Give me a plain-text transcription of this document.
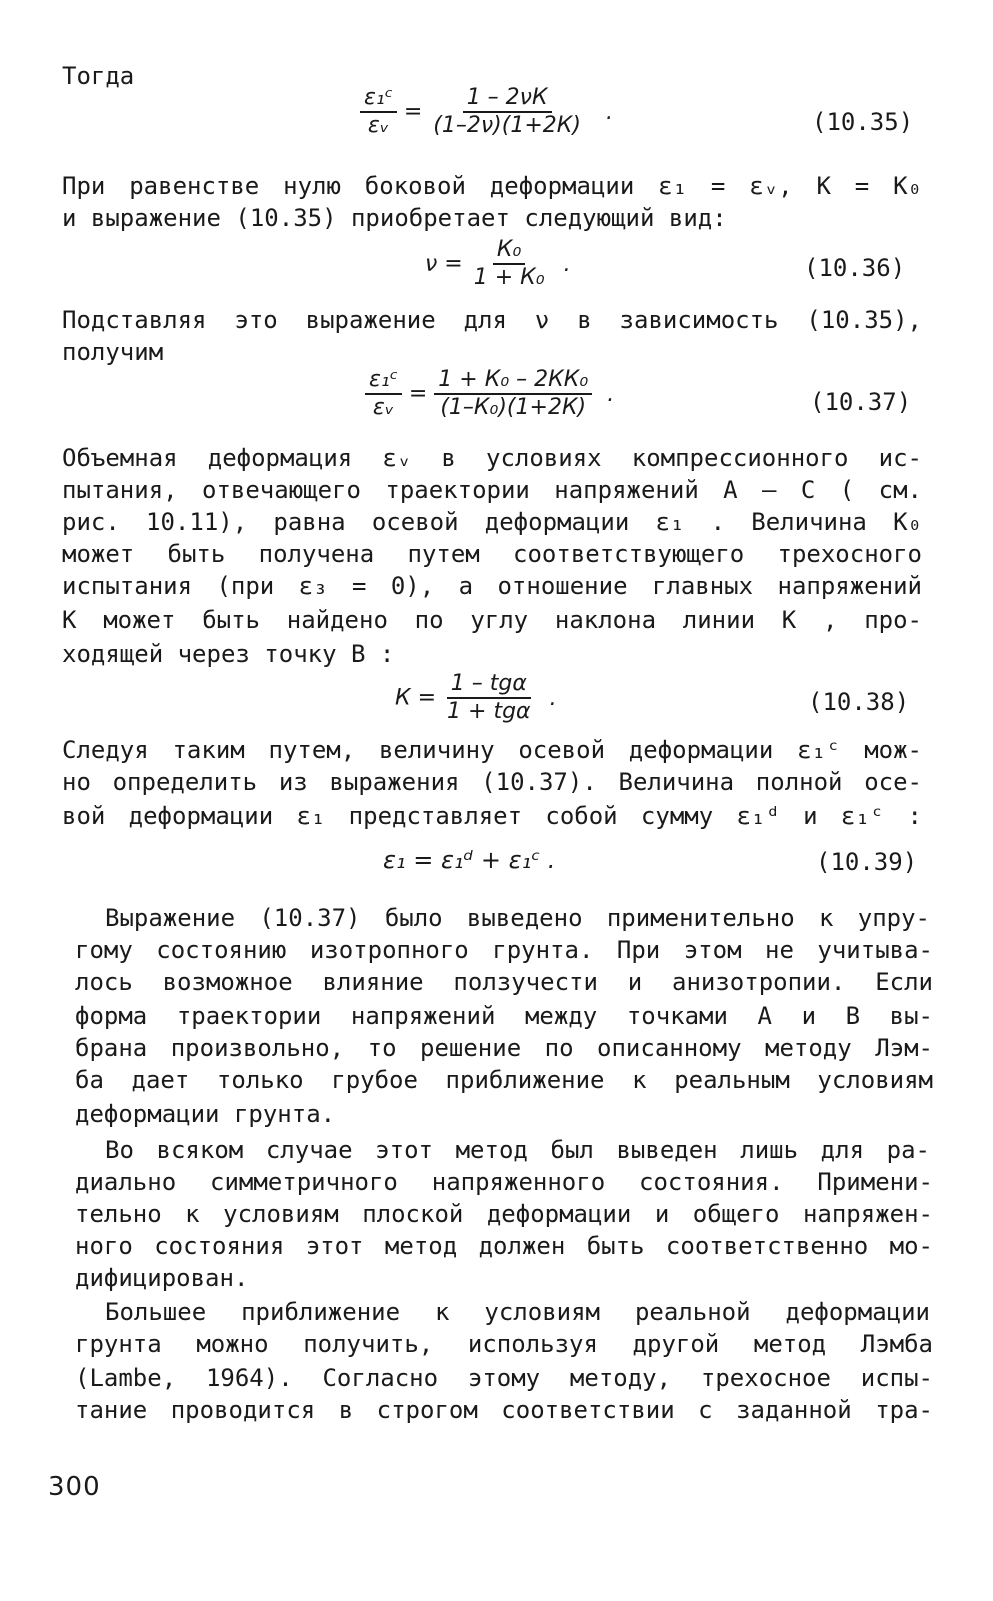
Тогда
$\frac{\text{ε₁ᶜ}}{\text{εᵥ}} = \frac{1 - 2\nu К}{(1-2\nu)(1+2К)}$ .	(10.35)
При равенстве нулю боковой деформации ε₁ = εᵥ, К = К₀
и выражение (10.35) приобретает следующий вид:
$\nu = \frac{\text{К₀}}{\text{1 + К₀}}$ .	(10.36)
Подставляя это выражение для ν в зависимость (10.35),
получим
$\frac{\text{ε₁ᶜ}}{\text{εᵥ}} = \frac{\text{1 + К₀ – 2КК₀}}{\text{(1–К₀)(1+2К)}}$ .	(10.37)
Объемная деформация εᵥ в условиях компрессионного ис-
пытания, отвечающего траектории напряжений А – С ( см.
рис. 10.11), равна осевой деформации ε₁ . Величина К₀
может быть получена путем соответствующего трехосного
испытания (при ε₃ = 0), а отношение главных напряжений
К может быть найдено по углу наклона линии К , про-
ходящей через точку В :
$К = \frac{\text{1 – tgα}}{\text{1 + tgα}}$ .	(10.38)
Следуя таким путем, величину осевой деформации ε₁ᶜ мож-
но определить из выражения (10.37). Величина полной осе-
вой деформации ε₁ представляет собой сумму ε₁ᵈ и ε₁ᶜ :
ε₁ = ε₁ᵈ + ε₁ᶜ .	(10.39)
Выражение (10.37) было выведено применительно к упру-
гому состоянию изотропного грунта. При этом не учитыва-
лось возможное влияние ползучести и анизотропии. Если
форма траектории напряжений между точками А и В вы-
брана произвольно, то решение по описанному методу Лэм-
ба дает только грубое приближение к реальным условиям
деформации грунта.
Во всяком случае этот метод был выведен лишь для ра-
диально симметричного напряженного состояния. Примени-
тельно к условиям плоской деформации и общего напряжен-
ного состояния этот метод должен быть соответственно мо-
дифицирован.
Большее приближение к условиям реальной деформации
грунта можно получить, используя другой метод Лэмба
(Lambe, 1964). Согласно этому методу, трехосное испы-
тание проводится в строгом соответствии с заданной тра-
300
